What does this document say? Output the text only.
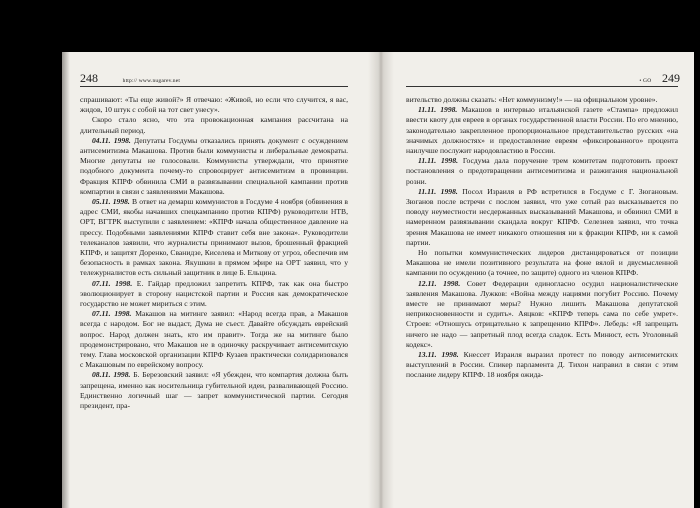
248	http:// www.nugarev.net

спрашивают: «Ты еще живой?» Я отвечаю: «Живой, но если что случится, я вас, жидов, 10 штук с собой на тот свет унесу».

Скоро стало ясно, что эта провокационная кампания рассчитана на длительный период.

04.11. 1998. Депутаты Госдумы отказались принять документ с осуждением антисемитизма Макашова. Против были коммунисты и либеральные демократы. Многие депутаты не голосовали. Коммунисты утверждали, что принятие подобного документа почему-то спровоцирует антисемитизм в провинции. Фракция КПРФ обвинила СМИ в развязывании специальной кампании против компартии в связи с заявлениями Макашова.

05.11. 1998. В ответ на демарш коммунистов в Госдуме 4 ноября (обвинения в адрес СМИ, якобы начавших спецкампанию против КПРФ) руководители НТВ, ОРТ, ВГТРК выступили с заявлением: «КПРФ начала общественное давление на прессу. Подобными заявлениями КПРФ ставит себя вне закона». Руководители телеканалов заявили, что журналисты принимают вызов, брошенный фракцией КПРФ, и защитят Доренко, Сванидзе, Киселева и Миткову от угроз, обеспечив им безопасность в рамках закона. Якушкин в прямом эфире на ОРТ заявил, что у тележурналистов есть сильный защитник в лице Б. Ельцина.

07.11. 1998. Е. Гайдар предложил запретить КПРФ, так как она быстро эволюционирует в сторону нацистской партии и Россия как демократическое государство не может мириться с этим.

07.11. 1998. Макашов на митинге заявил: «Народ всегда прав, а Макашов всегда с народом. Бог не выдаст, Дума не съест. Давайте обсуждать еврейский вопрос. Народ должен знать, кто им правит». Тогда же на митинге было продемонстрировано, что Макашов не в одиночку раскручивает антисемитскую тему. Глава московской организации КПРФ Кузаев практически солидаризовался с Макашовым по еврейскому вопросу.

08.11. 1998. Б. Березовский заявил: «Я убежден, что компартия должна быть запрещена, именно как носительница губительной идеи, разваливающей Россию. Единственно логичный шаг — запрет коммунистической партии. Сегодня президент, пра-

• GO 249

вительство должны сказать: «Нет коммунизму!» — на официальном уровне».

11.11. 1998. Макашов в интервью итальянской газете «Стампа» предложил ввести квоту для евреев в органах государственной власти России. По его мнению, законодательно закрепленное пропорциональное представительство русских «на значимых должностях» и предоставление евреям «фиксированного» процента наилучше послужит народовластию в России.

11.11. 1998. Госдума дала поручение трем комитетам подготовить проект постановления о предотвращении антисемитизма и разжигания национальной розни.

11.11. 1998. Посол Израиля в РФ встретился в Госдуме с Г. Зюгановым. Зюганов после встречи с послом заявил, что уже сотый раз высказывается по поводу неуместности несдержанных высказываний Макашова, и обвинил СМИ в намеренном развязывании скандала вокруг КПРФ. Селезнев заявил, что точка зрения Макашова не имеет никакого отношения ни к фракции КПРФ, ни к самой партии.

Но попытки коммунистических лидеров дистанцироваться от позиции Макашова не имели позитивного результата на фоне вялой и двусмысленной кампании по осуждению (а точнее, по защите) одного из членов КПРФ.

12.11. 1998. Совет Федерации единогласно осудил националистические заявления Макашова. Лужков: «Война между нациями погубит Россию. Почему вместе не принимают меры? Нужно лишить Макашова депутатской неприкосновенности и судить». Аяцков: «КПРФ теперь сама по себе умрет». Строев: «Отношусь отрицательно к запрещению КПРФ». Лебедь: «Я запрещать ничего не надо — запретный плод всегда сладок. Есть Минюст, есть Уголовный кодекс».

13.11. 1998. Кнессет Израиля выразил протест по поводу антисемитских выступлений в России. Спикер парламента Д. Тихон направил в связи с этим послание лидеру КПРФ. 18 ноября ожида-
